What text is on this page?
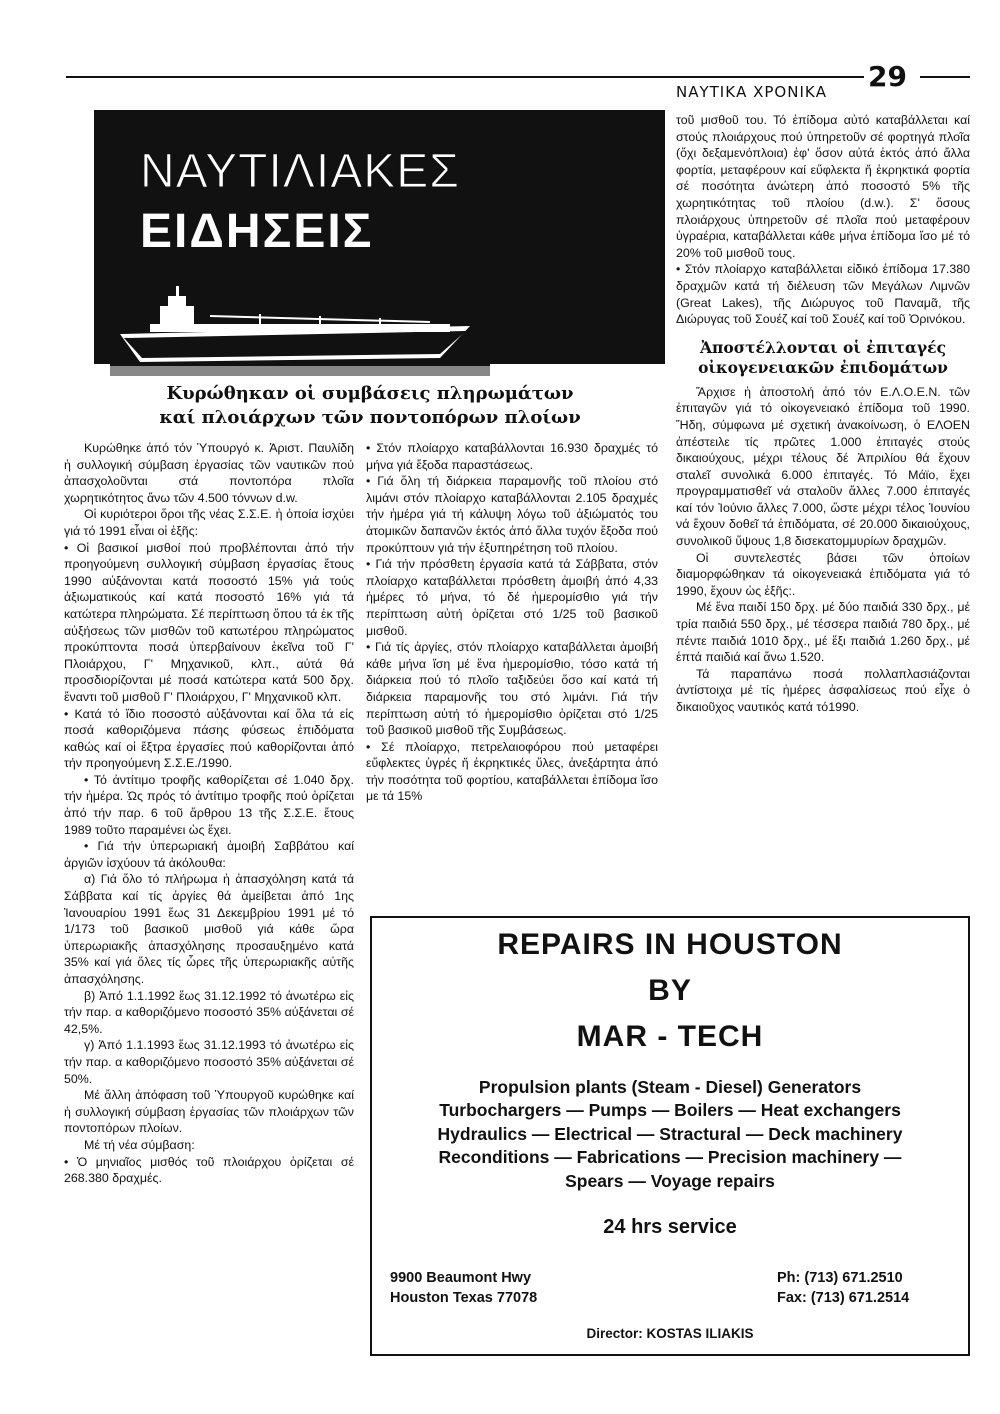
ΝΑΥΤΙΚΑ ΧΡΟΝΙΚΑ 29
ΝΑΥΤΙΛΙΑΚΕΣ
ΕΙΔΗΣΕΙΣ
Κυρώθηκαν οἱ συμβάσεις πληρωμάτων
καί πλοιάρχων τῶν ποντοπόρων πλοίων

Κυρώθηκε ἀπό τόν Ὑπουργό κ. Ἀριστ. Παυλίδη ἡ συλλογική σύμβαση ἐργασίας τῶν ναυτικῶν πού ἀπασχολοῦνται στά ποντοπόρα πλοῖα χωρητικότητος ἄνω τῶν 4.500 τόννων d.w.

Οἱ κυριότεροι ὅροι τῆς νέας Σ.Σ.Ε. ἡ ὁποία ἰσχύει γιά τό 1991 εἶναι οἱ ἑξῆς:

• Οἱ βασικοί μισθοί πού προβλέπονται ἀπό τήν προηγούμενη συλλογική σύμβαση ἐργασίας ἔτους 1990 αὐξάνονται κατά ποσοστό 15% γιά τούς ἀξιωματικούς καί κατά ποσοστό 16% γιά τά κατώτερα πληρώματα. Σέ περίπτωση ὅπου τά ἐκ τῆς αὐξήσεως τῶν μισθῶν τοῦ κατωτέρου πληρώματος προκύπτοντα ποσά ὑπερβαίνουν ἐκεῖνα τοῦ Γ' Πλοιάρχου, Γ' Μηχανικοῦ, κλπ., αὐτά θά προσδιορίζονται μέ ποσά κατώτερα κατά 500 δρχ. ἔναντι τοῦ μισθοῦ Γ' Πλοιάρχου, Γ' Μηχανικοῦ κλπ.

• Κατά τό ἴδιο ποσοστό αὐξάνονται καί ὅλα τά εἰς ποσά καθοριζόμενα πάσης φύσεως ἐπιδόματα καθώς καί οἱ ἔξτρα ἐργασίες πού καθορίζονται ἀπό τήν προηγούμενη Σ.Σ.Ε./1990.

• Τό ἀντίτιμο τροφῆς καθορίζεται σέ 1.040 δρχ. τήν ἡμέρα. Ὡς πρός τό ἀντίτιμο τροφῆς πού ὁρίζεται ἀπό τήν παρ. 6 τοῦ ἄρθρου 13 τῆς Σ.Σ.Ε. ἔτους 1989 τοῦτο παραμένει ὡς ἔχει.

• Γιά τήν ὑπερωριακή ἀμοιβή Σαββάτου καί ἀργιῶν ἰσχύουν τά ἀκόλουθα:

α) Γιά ὅλο τό πλήρωμα ἡ ἀπασχόληση κατά τά Σάββατα καί τίς ἀργίες θά ἀμείβεται ἀπό 1ης Ἰανουαρίου 1991 ἕως 31 Δεκεμβρίου 1991 μέ τό 1/173 τοῦ βασικοῦ μισθοῦ γιά κάθε ὥρα ὑπερωριακῆς ἀπασχόλησης προσαυξημένο κατά 35% καί γιά ὅλες τίς ὧρες τῆς ὑπερωριακῆς αὐτῆς ἀπασχόλησης.

β) Ἀπό 1.1.1992 ἕως 31.12.1992 τό ἀνωτέρω εἰς τήν παρ. α καθοριζόμενο ποσοστό 35% αὐξάνεται σέ 42,5%.

γ) Ἀπό 1.1.1993 ἕως 31.12.1993 τό ἀνωτέρω εἰς τήν παρ. α καθοριζόμενο ποσοστό 35% αὐξάνεται σέ 50%.

Μέ ἄλλη ἀπόφαση τοῦ Ὑπουργοῦ κυρώθηκε καί ἡ συλλογική σύμβαση ἐργασίας τῶν πλοιάρχων τῶν ποντοπόρων πλοίων.

Μέ τή νέα σύμβαση:

• Ὁ μηνιαῖος μισθός τοῦ πλοιάρχου ὁρίζεται σέ 268.380 δραχμές.

• Στόν πλοίαρχο καταβάλλονται 16.930 δραχμές τό μήνα γιά ἔξοδα παραστάσεως.

• Γιά ὅλη τή διάρκεια παραμονῆς τοῦ πλοίου στό λιμάνι στόν πλοίαρχο καταβάλλονται 2.105 δραχμές τήν ἡμέρα γιά τή κάλυψη λόγω τοῦ ἀξιώματός του ἀτομικῶν δαπανῶν ἐκτός ἀπό ἄλλα τυχόν ἔξοδα πού προκύπτουν γιά τήν ἐξυπηρέτηση τοῦ πλοίου.

• Γιά τήν πρόσθετη ἐργασία κατά τά Σάββατα, στόν πλοίαρχο καταβάλλεται πρόσθετη ἀμοιβή ἀπό 4,33 ἡμέρες τό μήνα, τό δέ ἡμερομίσθιο γιά τήν περίπτωση αὐτή ὁρίζεται στό 1/25 τοῦ βασικοῦ μισθοῦ.

• Γιά τίς ἀργίες, στόν πλοίαρχο καταβάλλεται ἀμοιβή κάθε μήνα ἴση μέ ἕνα ἡμερομίσθιο, τόσο κατά τή διάρκεια πού τό πλοῖο ταξιδεύει ὅσο καί κατά τή διάρκεια παραμονῆς του στό λιμάνι. Γιά τήν περίπτωση αὐτή τό ἡμερομίσθιο ὁρίζεται στό 1/25 τοῦ βασικοῦ μισθοῦ τῆς Συμβάσεως.

• Σέ πλοίαρχο, πετρελαιοφόρου πού μεταφέρει εὔφλεκτες ὑγρές ἤ ἐκρηκτικές ὕλες, ἀνεξάρτητα ἀπό τήν ποσότητα τοῦ φορτίου, καταβάλλεται ἐπίδομα ἴσο με τά 15%

τοῦ μισθοῦ του. Τό ἐπίδομα αὐτό καταβάλλεται καί στούς πλοιάρχους πού ὑπηρετοῦν σέ φορτηγά πλοῖα (ὄχι δεξαμενόπλοια) ἐφ' ὅσον αὐτά ἐκτός ἀπό ἄλλα φορτία, μεταφέρουν καί εὔφλεκτα ἤ ἐκρηκτικά φορτία σέ ποσότητα ἀνώτερη ἀπό ποσοστό 5% τῆς χωρητικότητας τοῦ πλοίου (d.w.). Σ' ὅσους πλοιάρχους ὑπηρετοῦν σέ πλοῖα πού μεταφέρουν ὑγραέρια, καταβάλλεται κάθε μήνα ἐπίδομα ἴσο μέ τό 20% τοῦ μισθοῦ τους.

• Στόν πλοίαρχο καταβάλλεται εἰδικό ἐπίδομα 17.380 δραχμῶν κατά τή διέλευση τῶν Μεγάλων Λιμνῶν (Great Lakes), τῆς Διώρυγος τοῦ Παναμᾶ, τῆς Διώρυγας τοῦ Σουέζ καί τοῦ Σουέζ καί τοῦ Ὀρινόκου.

Ἀποστέλλονται οἱ ἐπιταγές
οἰκογενειακῶν ἐπιδομάτων

Ἄρχισε ἡ ἀποστολή ἀπό τόν Ε.Λ.Ο.Ε.Ν. τῶν ἐπιταγῶν γιά τό οἰκογενειακό ἐπίδομα τοῦ 1990. Ἤδη, σύμφωνα μέ σχετική ἀνακοίνωση, ὁ ΕΛΟΕΝ ἀπέστειλε τίς πρῶτες 1.000 ἐπιταγές στούς δικαιούχους, μέχρι τέλους δέ Ἀπριλίου θά ἔχουν σταλεῖ συνολικά 6.000 ἐπιταγές. Τό Μάϊο, ἔχει προγραμματισθεῖ νά σταλοῦν ἄλλες 7.000 ἐπιταγές καί τόν Ἰούνιο ἄλλες 7.000, ὥστε μέχρι τέλος Ἰουνίου νά ἔχουν δοθεῖ τά ἐπιδόματα, σέ 20.000 δικαιούχους, συνολικοῦ ὕψους 1,8 δισεκατομμυρίων δραχμῶν.

Οἱ συντελεστές βάσει τῶν ὁποίων διαμορφώθηκαν τά οἰκογενειακά ἐπιδόματα γιά τό 1990, ἔχουν ὡς ἑξῆς:.

Μέ ἕνα παιδί 150 δρχ. μέ δύο παιδιά 330 δρχ., μέ τρία παιδιά 550 δρχ., μέ τέσσερα παιδιά 780 δρχ., μέ πέντε παιδιά 1010 δρχ., μέ ἕξι παιδιά 1.260 δρχ., μέ ἑπτά παιδιά καί ἄνω 1.520.

Τά παραπάνω ποσά πολλαπλασιάζονται ἀντίστοιχα μέ τίς ἡμέρες ἀσφαλίσεως πού εἶχε ὁ δικαιοῦχος ναυτικός κατά τό1990.

REPAIRS IN HOUSTON
BY
MAR - TECH
Propulsion plants (Steam - Diesel) Generators
Turbochargers — Pumps — Boilers — Heat exchangers
Hydraulics — Electrical — Stractural — Deck machinery
Reconditions — Fabrications — Precision machinery —
Spears — Voyage repairs
24 hrs service
9900 Beaumont Hwy
Houston Texas 77078
Ph: (713) 671.2510
Fax: (713) 671.2514
Director: KOSTAS ILIAKIS
